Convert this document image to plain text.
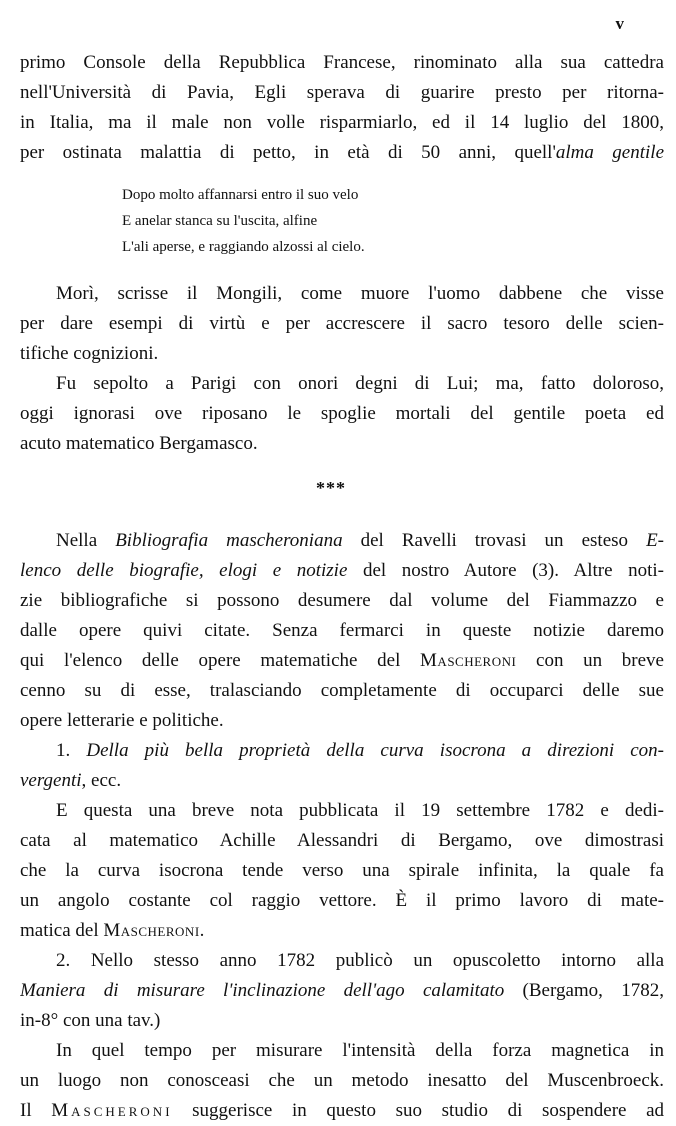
v
primo Console della Repubblica Francese, rinominato alla sua cattedra
nell'Università di Pavia, Egli sperava di guarire presto per ritorna-
in Italia, ma il male non volle risparmiarlo, ed il 14 luglio del 1800,
per ostinata malattia di petto, in età di 50 anni, quell'alma gentile
Dopo molto affannarsi entro il suo velo
E anelar stanca su l'uscita, alfine
L'ali aperse, e raggiando alzossi al cielo.
Morì, scrisse il Mongili, come muore l'uomo dabbene che visse
per dare esempi di virtù e per accrescere il sacro tesoro delle scien-
tifiche cognizioni.
Fu sepolto a Parigi con onori degni di Lui; ma, fatto doloroso,
oggi ignorasi ove riposano le spoglie mortali del gentile poeta ed
acuto matematico Bergamasco.
***
Nella Bibliografia mascheroniana del Ravelli trovasi un esteso E-
lenco delle biografie, elogi e notizie del nostro Autore (3). Altre noti-
zie bibliografiche si possono desumere dal volume del Fiammazzo e
dalle opere quivi citate. Senza fermarci in queste notizie daremo
qui l'elenco delle opere matematiche del Mascheroni con un breve
cenno su di esse, tralasciando completamente di occuparci delle sue
opere letterarie e politiche.
1. Della più bella proprietà della curva isocrona a direzioni con-
vergenti, ecc.
E questa una breve nota pubblicata il 19 settembre 1782 e dedi-
cata al matematico Achille Alessandri di Bergamo, ove dimostrasi
che la curva isocrona tende verso una spirale infinita, la quale fa
un angolo costante col raggio vettore. È il primo lavoro di mate-
matica del Mascheroni.
2. Nello stesso anno 1782 publicò un opuscoletto intorno alla
Maniera di misurare l'inclinazione dell'ago calamitato (Bergamo, 1782,
in-8° con una tav.)
In quel tempo per misurare l'intensità della forza magnetica in
un luogo non conosceasi che un metodo inesatto del Muscenbroeck.
Il Mascheroni suggerisce in questo suo studio di sospendere ad
